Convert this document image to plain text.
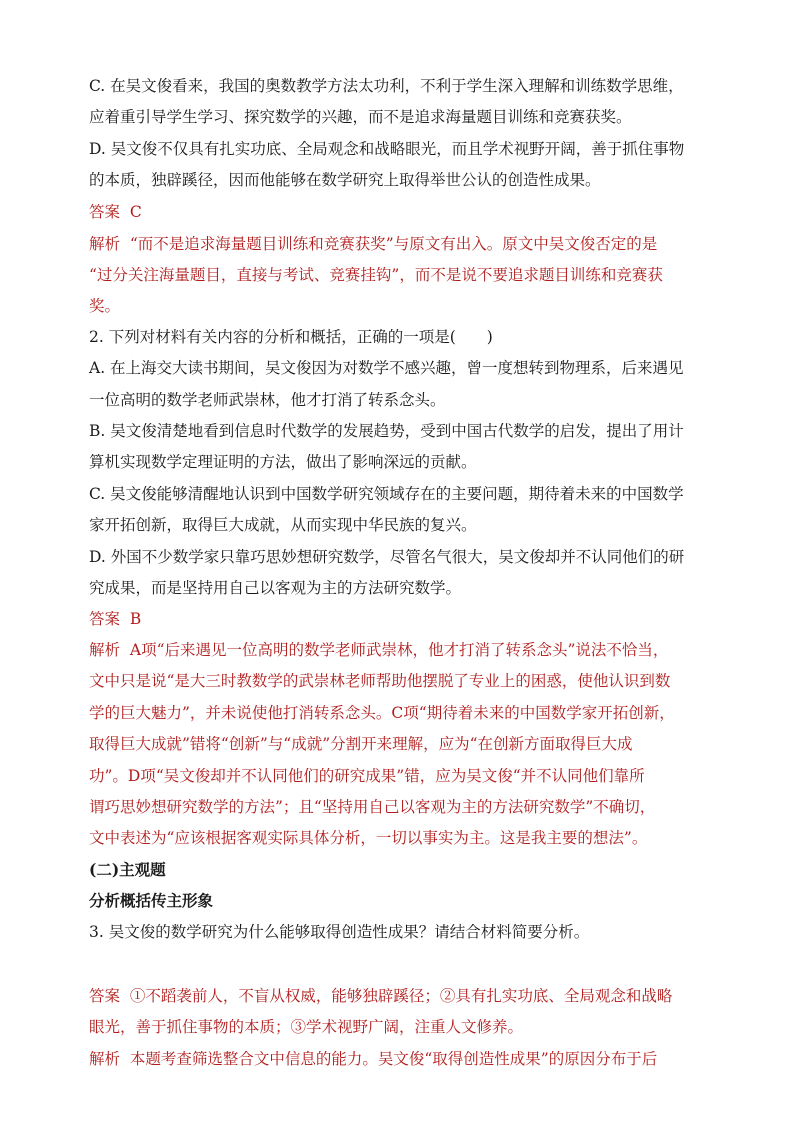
C. 在吴文俊看来，我国的奥数教学方法太功利，不利于学生深入理解和训练数学思维，
应着重引导学生学习、探究数学的兴趣，而不是追求海量题目训练和竞赛获奖。
D. 吴文俊不仅具有扎实功底、全局观念和战略眼光，而且学术视野开阔，善于抓住事物
的本质，独辟蹊径，因而他能够在数学研究上取得举世公认的创造性成果。
答案 C
解析 “而不是追求海量题目训练和竞赛获奖”与原文有出入。原文中吴文俊否定的是
“过分关注海量题目，直接与考试、竞赛挂钩”，而不是说不要追求题目训练和竞赛获
奖。
2. 下列对材料有关内容的分析和概括，正确的一项是(　　)
A. 在上海交大读书期间，吴文俊因为对数学不感兴趣，曾一度想转到物理系，后来遇见
一位高明的数学老师武崇林，他才打消了转系念头。
B. 吴文俊清楚地看到信息时代数学的发展趋势，受到中国古代数学的启发，提出了用计
算机实现数学定理证明的方法，做出了影响深远的贡献。
C. 吴文俊能够清醒地认识到中国数学研究领域存在的主要问题，期待着未来的中国数学
家开拓创新，取得巨大成就，从而实现中华民族的复兴。
D. 外国不少数学家只靠巧思妙想研究数学，尽管名气很大，吴文俊却并不认同他们的研
究成果，而是坚持用自己以客观为主的方法研究数学。
答案 B
解析 A项“后来遇见一位高明的数学老师武崇林，他才打消了转系念头”说法不恰当，
文中只是说“是大三时教数学的武崇林老师帮助他摆脱了专业上的困惑，使他认识到数
学的巨大魅力”，并未说使他打消转系念头。C项“期待着未来的中国数学家开拓创新，
取得巨大成就”错将“创新”与“成就”分割开来理解，应为“在创新方面取得巨大成
功”。D项“吴文俊却并不认同他们的研究成果”错，应为吴文俊“并不认同他们靠所
谓巧思妙想研究数学的方法”；且“坚持用自己以客观为主的方法研究数学”不确切，
文中表述为“应该根据客观实际具体分析，一切以事实为主。这是我主要的想法”。
(二)主观题
分析概括传主形象
3. 吴文俊的数学研究为什么能够取得创造性成果？请结合材料简要分析。
答案 ①不蹈袭前人，不盲从权威，能够独辟蹊径；②具有扎实功底、全局观念和战略
眼光，善于抓住事物的本质；③学术视野广阔，注重人文修养。
解析 本题考查筛选整合文中信息的能力。吴文俊“取得创造性成果”的原因分布于后
